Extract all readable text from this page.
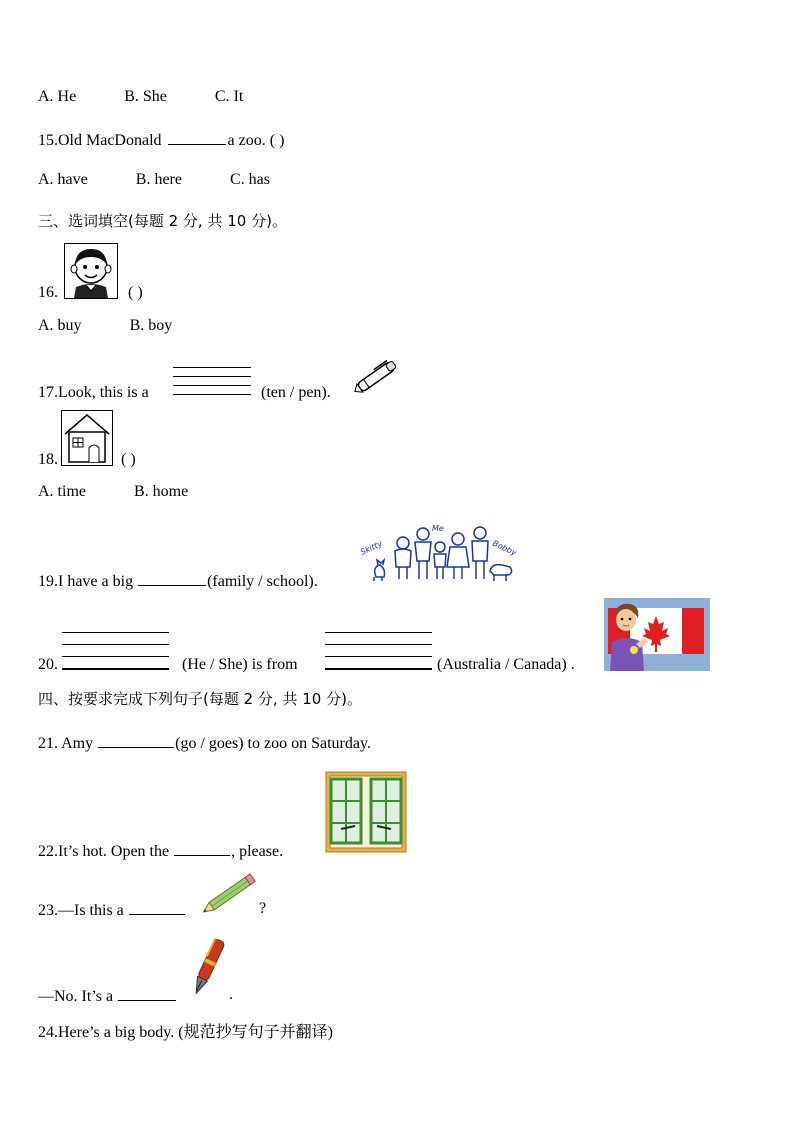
A. He	B. She	C. It
15.Old MacDonald	a zoo. ( )
A. have	B. here	C. has
三、选词填空(每题 2 分, 共 10 分)。
16.	( )
A. buy	B. boy
17.Look, this is a	(ten / pen).
18.	( )
A. time	B. home
19.I have a big	(family / school).
Skitty
Me
Bobby
20.	(He / She) is from	(Australia / Canada) .
四、按要求完成下列句子(每题 2 分, 共 10 分)。
21. Amy	(go / goes) to zoo on Saturday.
22.It’s hot. Open the	, please.
23.—Is this a	?
—No. It’s a	.
24.Here’s a big body. (规范抄写句子并翻译)
